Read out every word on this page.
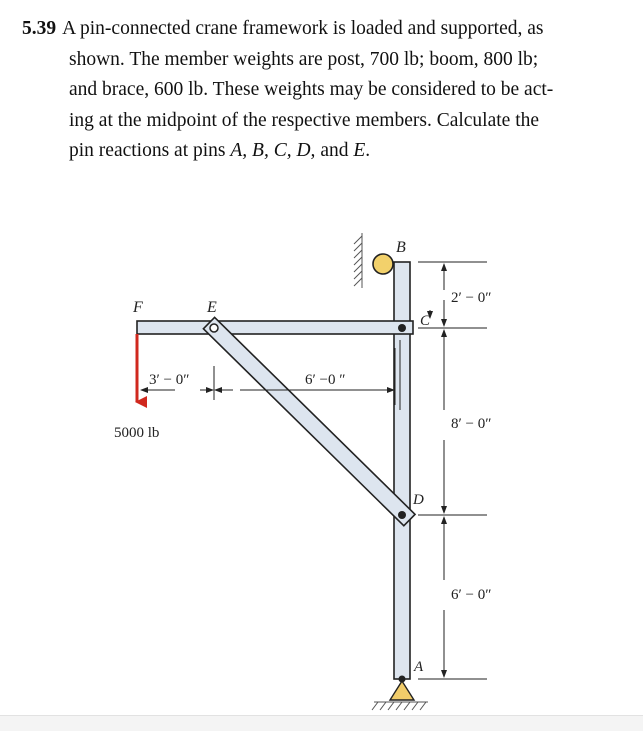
5.39 A pin-connected crane framework is loaded and supported, as
shown. The member weights are post, 700 lb; boom, 800 lb;
and brace, 600 lb. These weights may be considered to be act-
ing at the midpoint of the respective members. Calculate the
pin reactions at pins A, B, C, D, and E.
B
F	E
C
D
A
2′ − 0″
8′ − 0″
6′ − 0″
3′ − 0″	6′ −0 ″
5000 lb
